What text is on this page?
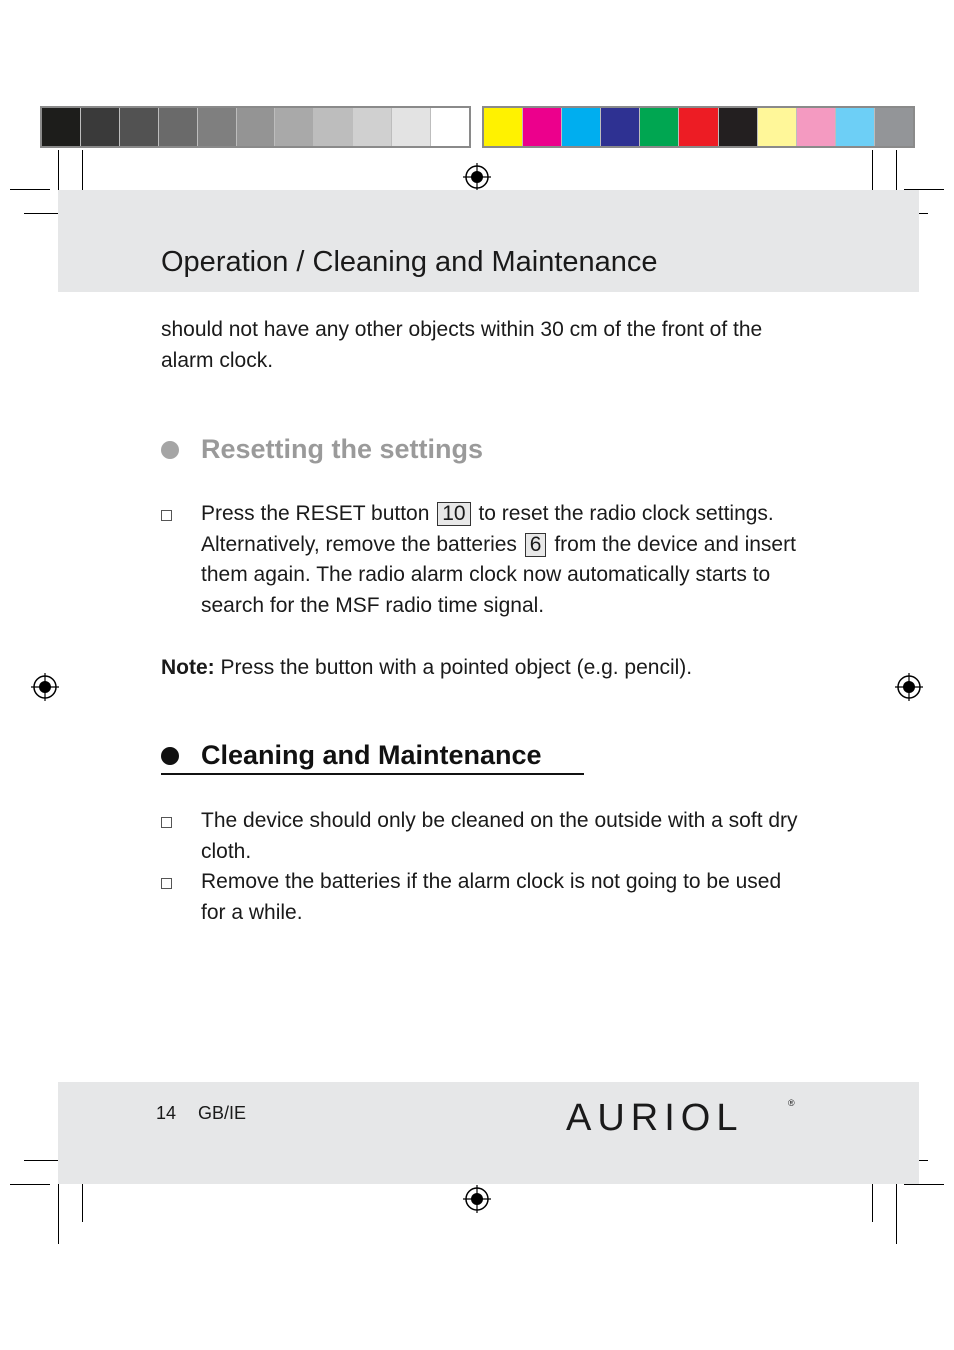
Operation / Cleaning and Maintenance

should not have any other objects within 30 cm of the front of the alarm clock.

Resetting the settings
Press the RESET button 10 to reset the radio clock settings. Alternatively, remove the batteries 6 from the device and insert them again. The radio alarm clock now automatically starts to search for the MSF radio time signal.
Note: Press the button with a pointed object (e.g. pencil).
Cleaning and Maintenance
The device should only be cleaned on the outside with a soft dry cloth.
Remove the batteries if the alarm clock is not going to be used for a while.
14 GB/IE	AURIOL	®
